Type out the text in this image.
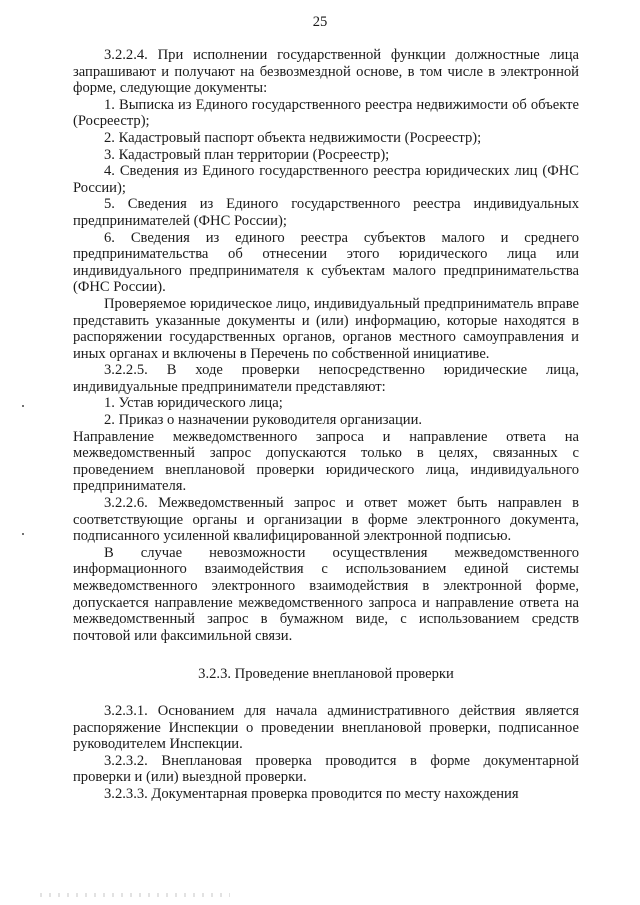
25

3.2.2.4. При исполнении государственной функции должностные лица запрашивают и получают на безвозмездной основе, в том числе в электронной форме, следующие документы:

1. Выписка из Единого государственного реестра недвижимости об объекте (Росреестр);

2. Кадастровый паспорт объекта недвижимости (Росреестр);

3. Кадастровый план территории (Росреестр);

4. Сведения из Единого государственного реестра юридических лиц (ФНС России);

5. Сведения из Единого государственного реестра индивидуальных предпринимателей (ФНС России);

6. Сведения из единого реестра субъектов малого и среднего предпринимательства об отнесении этого юридического лица или индивидуального предпринимателя к субъектам малого предпринимательства (ФНС России).

Проверяемое юридическое лицо, индивидуальный предприниматель вправе представить указанные документы и (или) информацию, которые находятся в распоряжении государственных органов, органов местного самоуправления и иных органах и включены в Перечень по собственной инициативе.

3.2.2.5. В ходе проверки непосредственно юридические лица, индивидуальные предприниматели представляют:

1. Устав юридического лица;

2. Приказ о назначении руководителя организации.

Направление межведомственного запроса и направление ответа на межведомственный запрос допускаются только в целях, связанных с проведением внеплановой проверки юридического лица, индивидуального предпринимателя.

3.2.2.6. Межведомственный запрос и ответ может быть направлен в соответствующие органы и организации в форме электронного документа, подписанного усиленной квалифицированной электронной подписью.

В случае невозможности осуществления межведомственного информационного взаимодействия с использованием единой системы межведомственного электронного взаимодействия в электронной форме, допускается направление межведомственного запроса и направление ответа на межведомственный запрос в бумажном виде, с использованием средств почтовой или факсимильной связи.

3.2.3. Проведение внеплановой проверки

3.2.3.1. Основанием для начала административного действия является распоряжение Инспекции о проведении внеплановой проверки, подписанное руководителем Инспекции.

3.2.3.2. Внеплановая проверка проводится в форме документарной проверки и (или) выездной проверки.

3.2.3.3. Документарная проверка проводится по месту нахождения
